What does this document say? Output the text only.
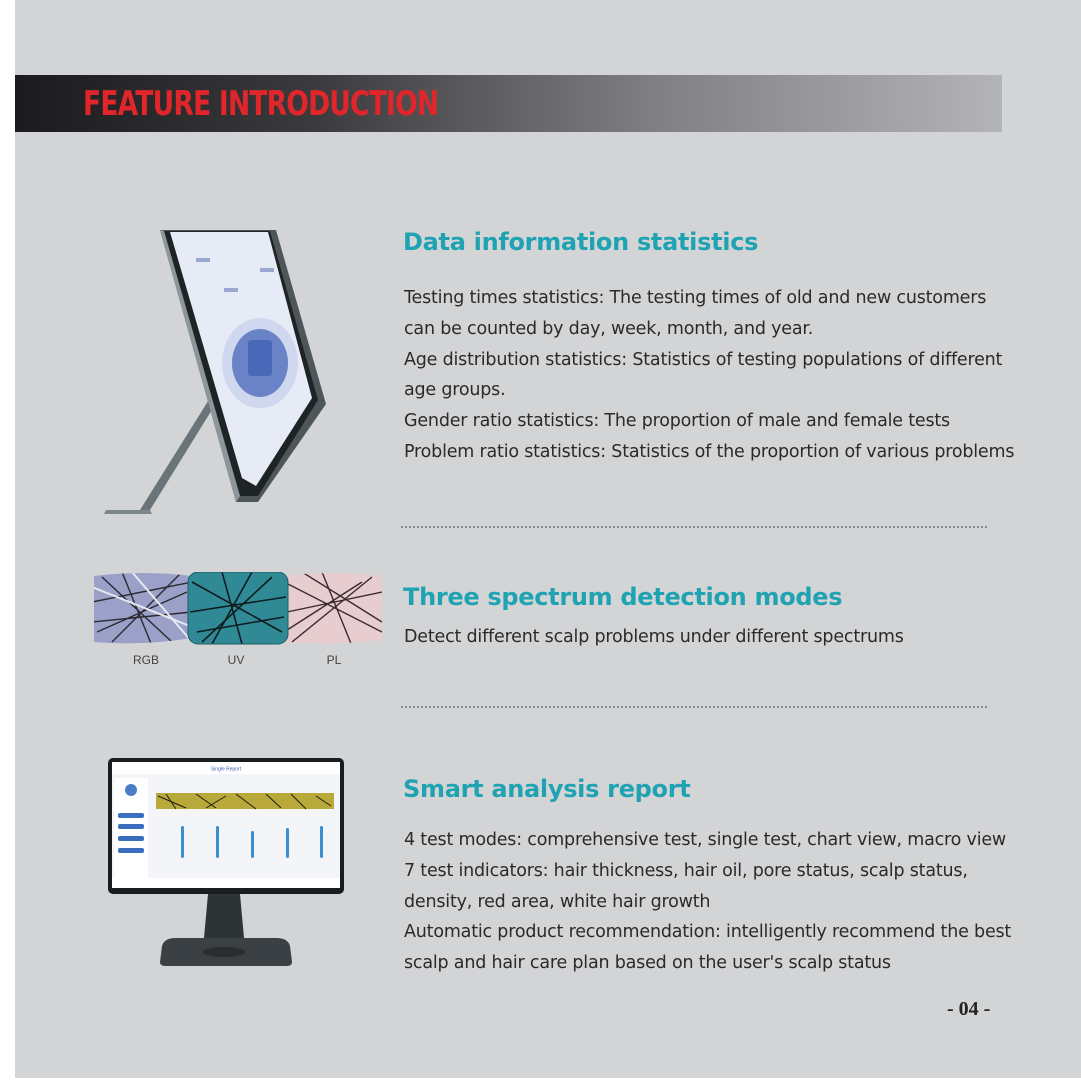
FEATURE INTRODUCTION
Data information statistics
Testing times statistics: The testing times of old and new customers
can be counted by day, week, month, and year.
Age distribution statistics: Statistics of testing populations of different
age groups.
Gender ratio statistics: The proportion of male and female tests
Problem ratio statistics: Statistics of the proportion of various problems
RGB	UV	PL
Three spectrum detection modes
Detect different scalp problems under different spectrums
Single Report
Smart analysis report
4 test modes: comprehensive test, single test, chart view, macro view
7 test indicators: hair thickness, hair oil, pore status, scalp status,
density, red area, white hair growth
Automatic product recommendation: intelligently recommend the best
scalp and hair care plan based on the user's scalp status
- 04 -
